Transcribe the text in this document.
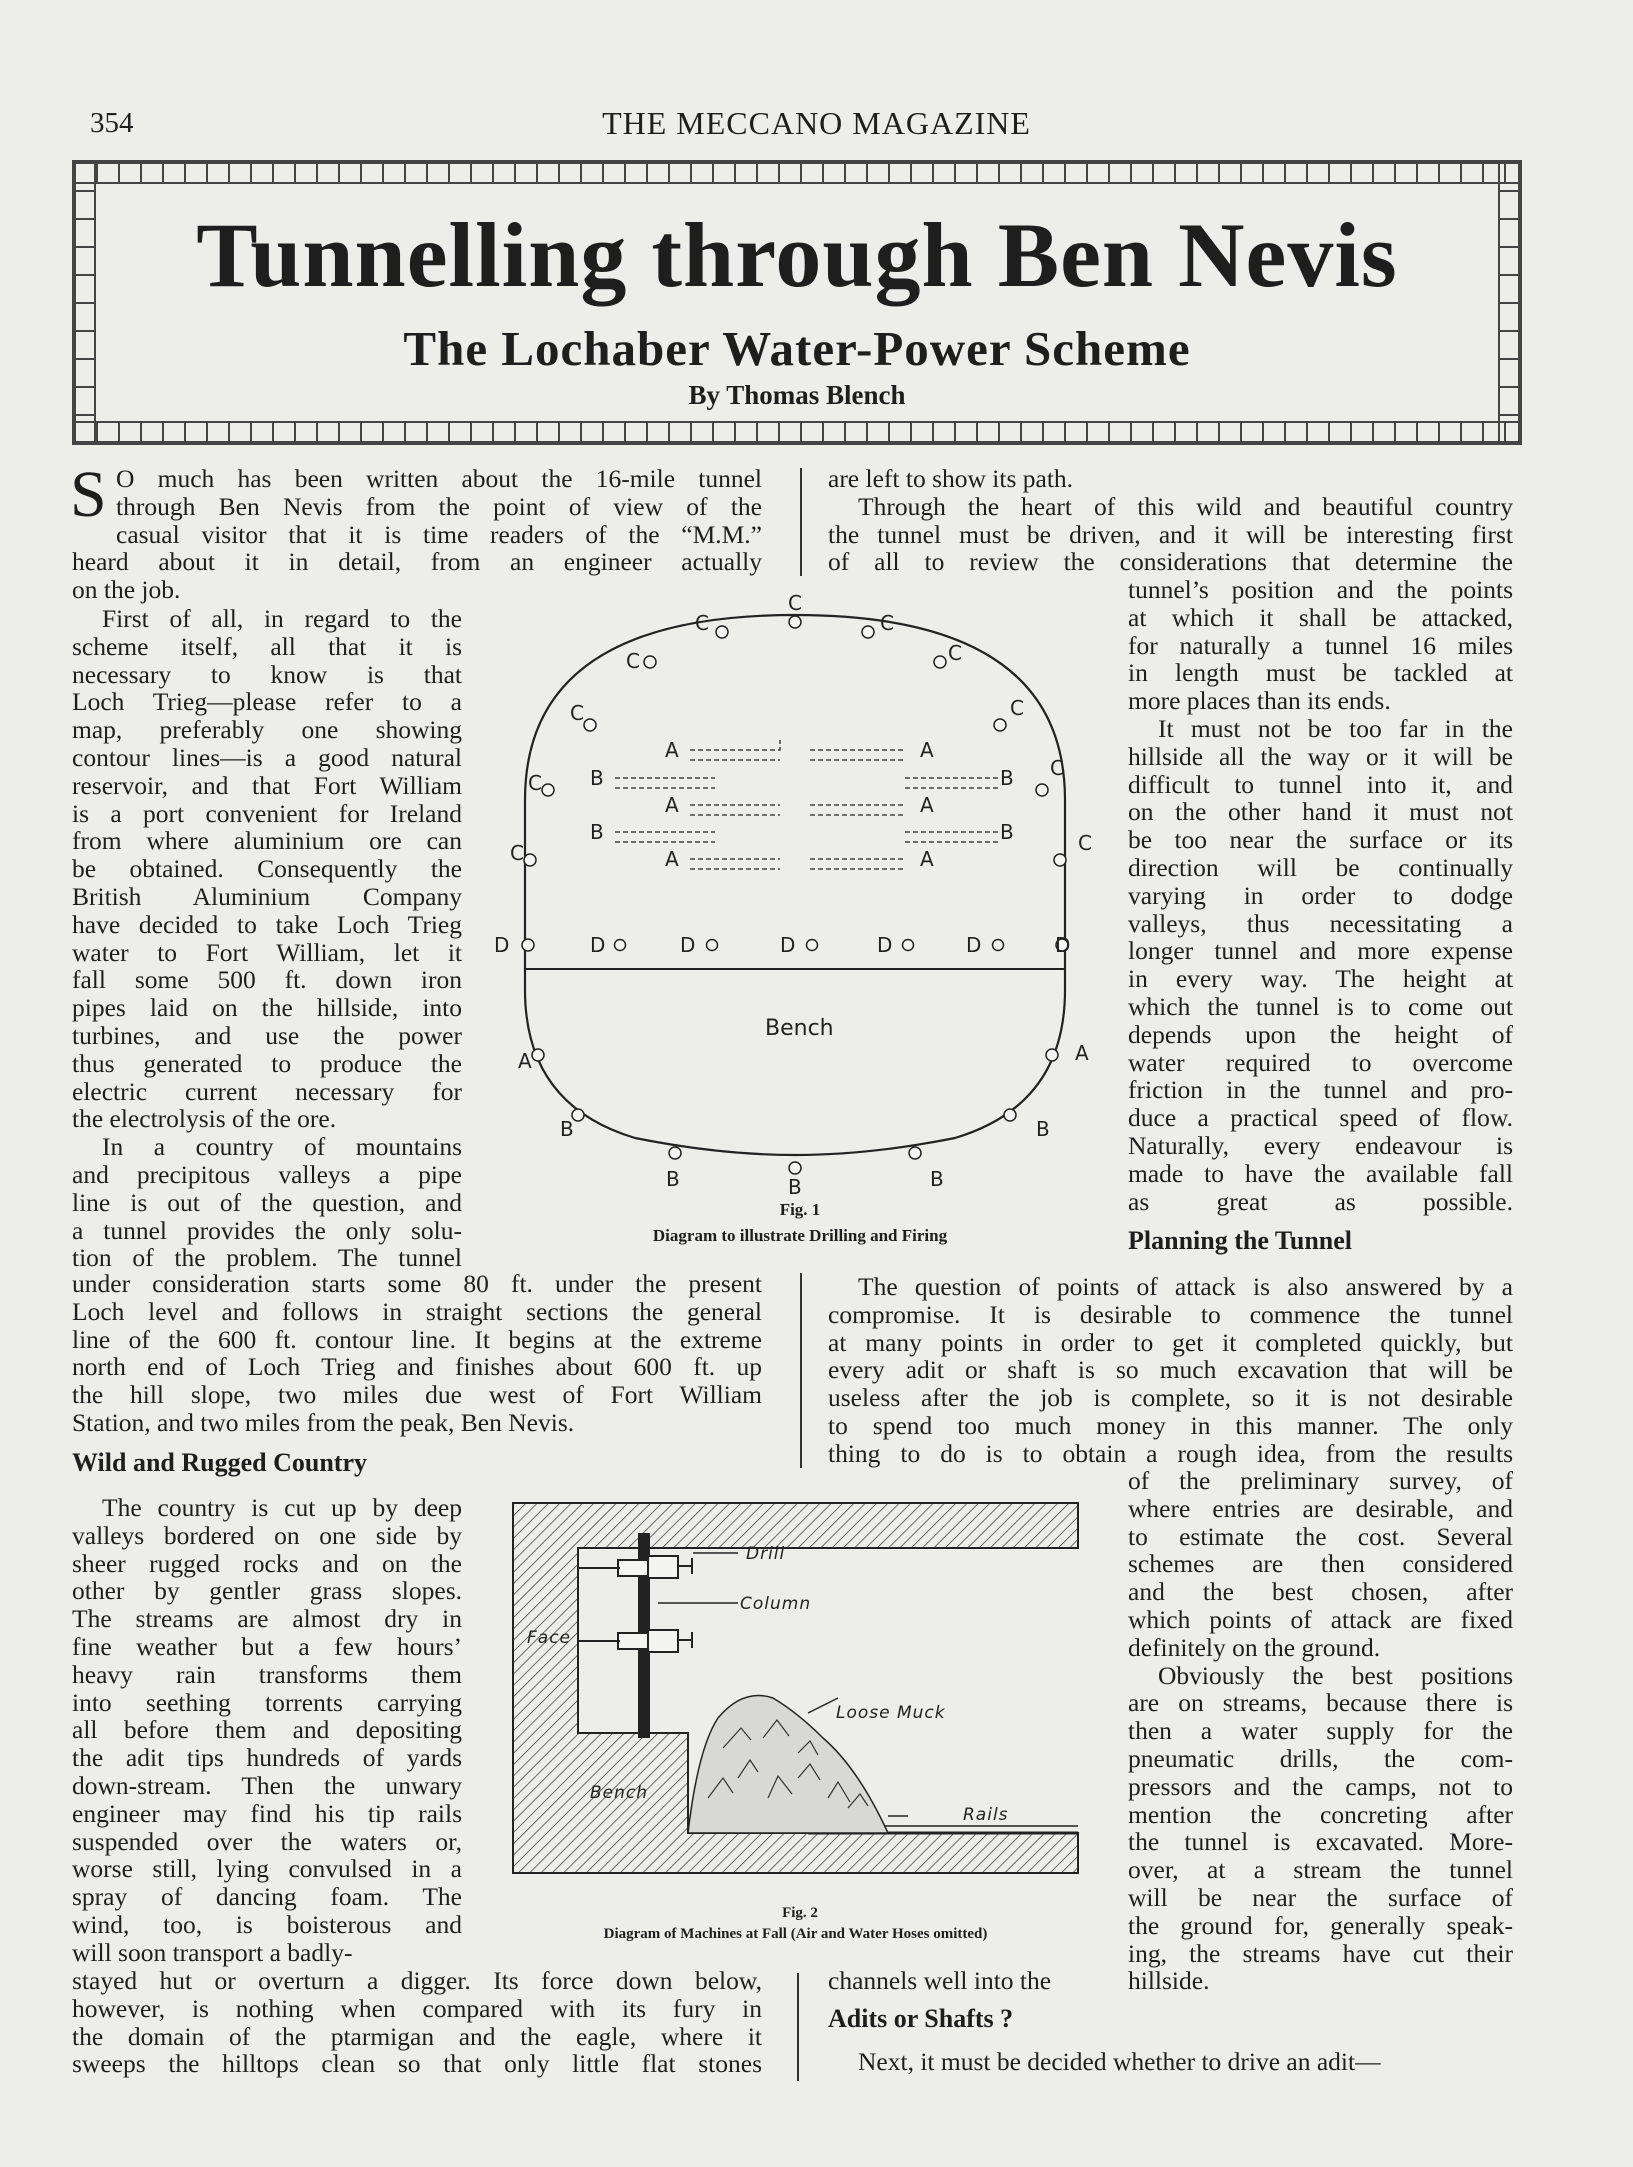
354	THE MECCANO MAGAZINE
Tunnelling through Ben Nevis
The Lochaber Water-Power Scheme
By Thomas Blench
S O much has been written about the 16-mile tunnel
through Ben Nevis from the point of view of the
casual visitor that it is time readers of the “M.M.”
heard about it in detail, from an engineer actually
on the job.
First of all, in regard to the
scheme itself, all that it is
necessary to know is that
Loch Trieg—please refer to a
map, preferably one showing
contour lines—is a good natural
reservoir, and that Fort William
is a port convenient for Ireland
from where aluminium ore can
be obtained. Consequently the
British Aluminium Company
have decided to take Loch Trieg
water to Fort William, let it
fall some 500 ft. down iron
pipes laid on the hillside, into
turbines, and use the power
thus generated to produce the
electric current necessary for
the electrolysis of the ore.
In a country of mountains
and precipitous valleys a pipe
line is out of the question, and
a tunnel provides the only solu-
tion of the problem. The tunnel
under consideration starts some 80 ft. under the present
Loch level and follows in straight sections the general
line of the 600 ft. contour line. It begins at the extreme
north end of Loch Trieg and finishes about 600 ft. up
the hill slope, two miles due west of Fort William
Station, and two miles from the peak, Ben Nevis.
Wild and Rugged Country
The country is cut up by deep
valleys bordered on one side by
sheer rugged rocks and on the
other by gentler grass slopes.
The streams are almost dry in
fine weather but a few hours’
heavy rain transforms them
into seething torrents carrying
all before them and depositing
the adit tips hundreds of yards
down-stream. Then the unwary
engineer may find his tip rails
suspended over the waters or,
worse still, lying convulsed in a
spray of dancing foam. The
wind, too, is boisterous and
will soon transport a badly-
stayed hut or overturn a digger. Its force down below,
however, is nothing when compared with its fury in
the domain of the ptarmigan and the eagle, where it
sweeps the hilltops clean so that only little flat stones
are left to show its path.
Through the heart of this wild and beautiful country
the tunnel must be driven, and it will be interesting first
of all to review the considerations that determine the
tunnel’s position and the points
at which it shall be attacked,
for naturally a tunnel 16 miles
in length must be tackled at
more places than its ends.
It must not be too far in the
hillside all the way or it will be
difficult to tunnel into it, and
on the other hand it must not
be too near the surface or its
direction will be continually
varying in order to dodge
valleys, thus necessitating a
longer tunnel and more expense
in every way. The height at
which the tunnel is to come out
depends upon the height of
water required to overcome
friction in the tunnel and pro-
duce a practical speed of flow.
Naturally, every endeavour is
made to have the available fall
as great as possible.
Planning the Tunnel
The question of points of attack is also answered by a
compromise. It is desirable to commence the tunnel
at many points in order to get it completed quickly, but
every adit or shaft is so much excavation that will be
useless after the job is complete, so it is not desirable
to spend too much money in this manner. The only
thing to do is to obtain a rough idea, from the results
of the preliminary survey, of
where entries are desirable, and
to estimate the cost. Several
schemes are then considered
and the best chosen, after
which points of attack are fixed
definitely on the ground.
Obviously the best positions
are on streams, because there is
then a water supply for the
pneumatic drills, the com-
pressors and the camps, not to
mention the concreting after
the tunnel is excavated. More-
over, at a stream the tunnel
will be near the surface of
the ground for, generally speak-
ing, the streams have cut their
hillside.
channels well into the
Adits or Shafts ?
Next, it must be decided whether to drive an adit—
C
C	C
C	C
C	C
C
C
C	C
D	D	D	D	D	D	D
A	A
B	B
B	B
B
A	A
B	B
A	A
B	B
A	A
Bench
Fig. 1
Diagram to illustrate Drilling and Firing
Drill
Column
Face
Loose Muck
Bench
Rails
Fig. 2
Diagram of Machines at Fall (Air and Water Hoses omitted)
